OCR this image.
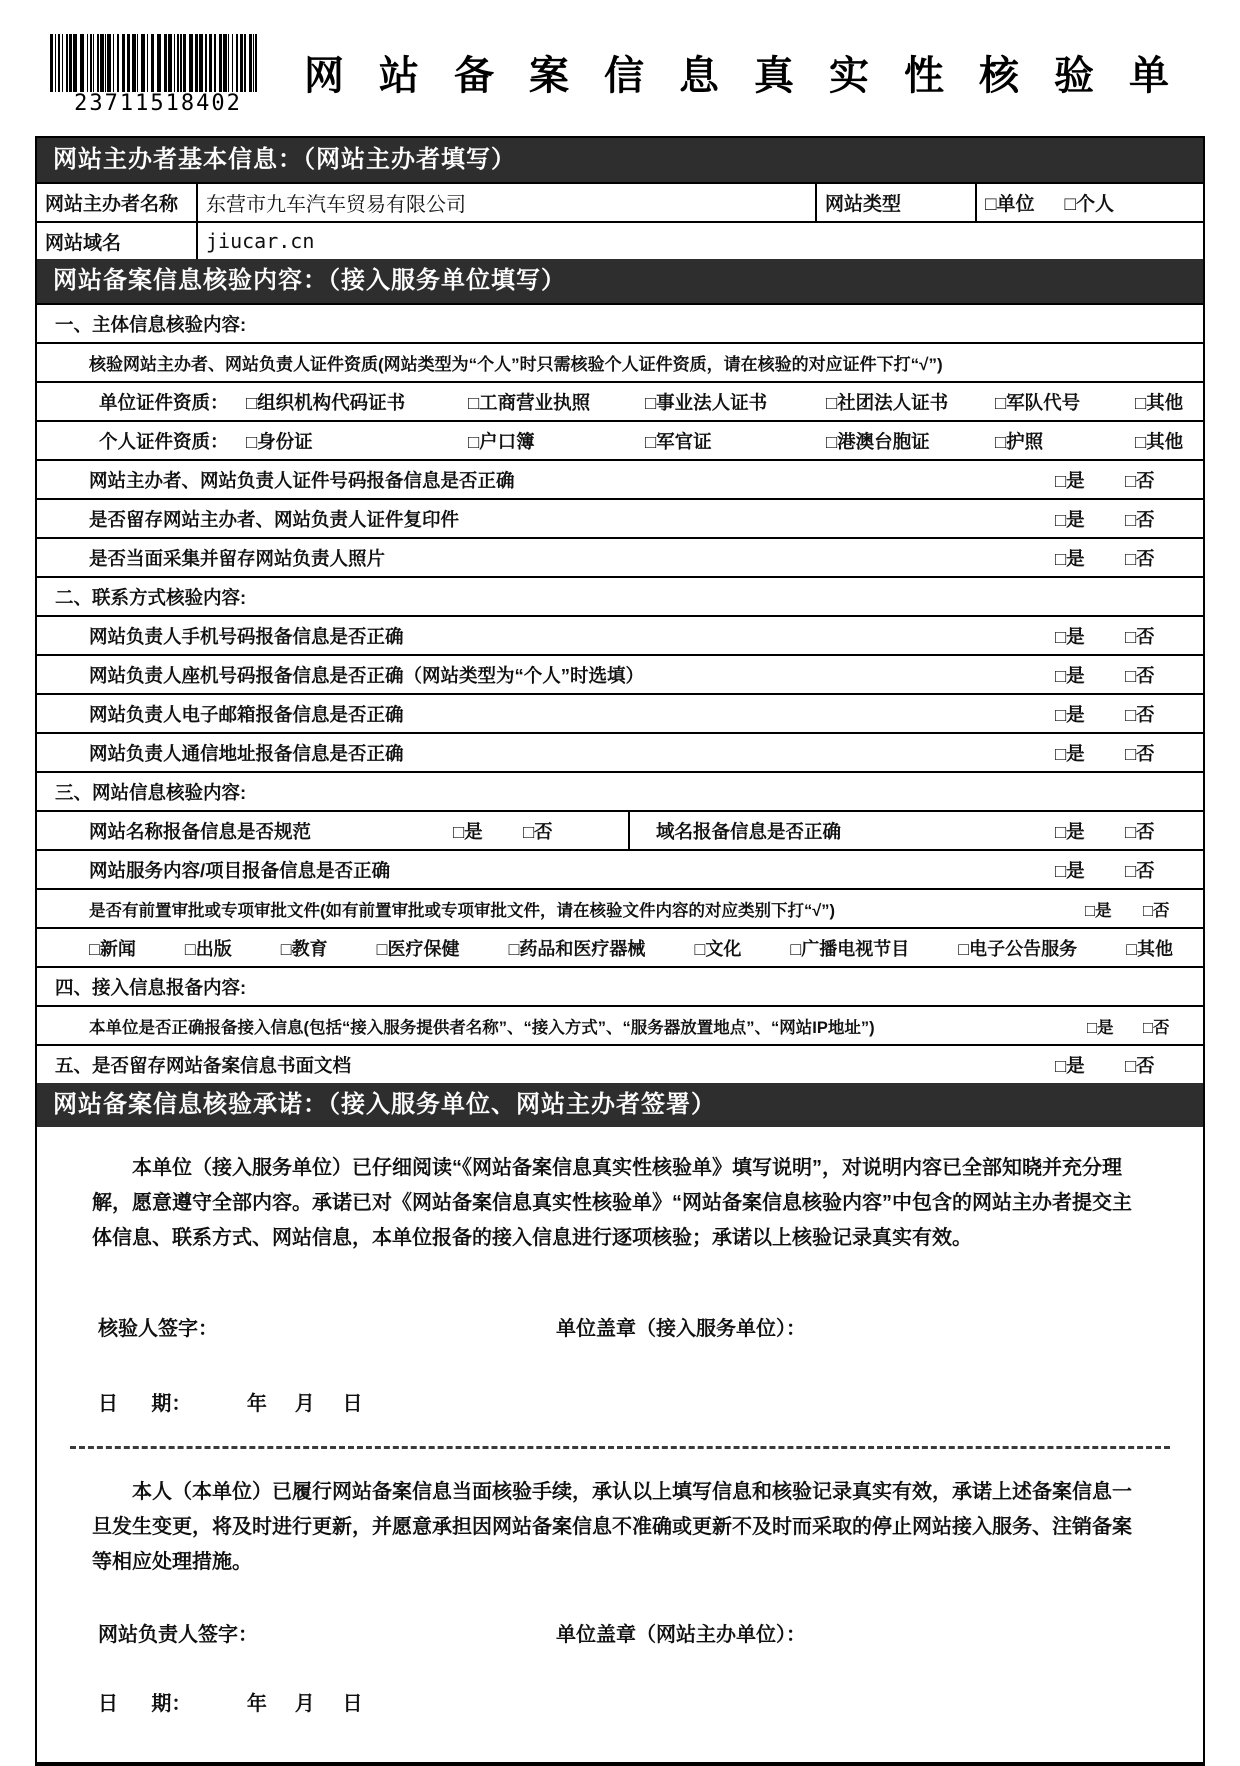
23711518402
网站备案信息真实性核验单
网站主办者基本信息：（网站主办者填写）
网站主办者名称	东营市九车汽车贸易有限公司	网站类型	□单位 □个人
网站域名	jiucar.cn
网站备案信息核验内容：（接入服务单位填写）
一、主体信息核验内容:
核验网站主办者、网站负责人证件资质(网站类型为“个人”时只需核验个人证件资质，请在核验的对应证件下打“√”)
单位证件资质： □组织机构代码证书	□工商营业执照	□事业法人证书	□社团法人证书	□军队代号	□其他
个人证件资质： □身份证	□户口簿	□军官证	□港澳台胞证	□护照	□其他
网站主办者、网站负责人证件号码报备信息是否正确	□是	□否
是否留存网站主办者、网站负责人证件复印件	□是	□否
是否当面采集并留存网站负责人照片	□是	□否
二、联系方式核验内容:
网站负责人手机号码报备信息是否正确	□是	□否
网站负责人座机号码报备信息是否正确（网站类型为“个人”时选填）	□是	□否
网站负责人电子邮箱报备信息是否正确	□是	□否
网站负责人通信地址报备信息是否正确	□是	□否
三、网站信息核验内容:
网站名称报备信息是否规范	□是	□否	域名报备信息是否正确	□是	□否
网站服务内容/项目报备信息是否正确	□是	□否
是否有前置审批或专项审批文件(如有前置审批或专项审批文件，请在核验文件内容的对应类别下打“√”)	□是	□否
□新闻	□出版	□教育	□医疗保健	□药品和医疗器械	□文化	□广播电视节目	□电子公告服务	□其他
四、接入信息报备内容:
本单位是否正确报备接入信息(包括“接入服务提供者名称”、“接入方式”、“服务器放置地点”、“网站IP地址”)	□是	□否
五、是否留存网站备案信息书面文档	□是	□否
网站备案信息核验承诺：（接入服务单位、网站主办者签署）

本单位（接入服务单位）已仔细阅读“《网站备案信息真实性核验单》填写说明”，对说明内容已全部知晓并充分理解，愿意遵守全部内容。承诺已对《网站备案信息真实性核验单》“网站备案信息核验内容”中包含的网站主办者提交主体信息、联系方式、网站信息，本单位报备的接入信息进行逐项核验；承诺以上核验记录真实有效。

核验人签字：	单位盖章（接入服务单位）：
日      期：          年     月     日

本人（本单位）已履行网站备案信息当面核验手续，承认以上填写信息和核验记录真实有效，承诺上述备案信息一旦发生变更，将及时进行更新，并愿意承担因网站备案信息不准确或更新不及时而采取的停止网站接入服务、注销备案等相应处理措施。

网站负责人签字：	单位盖章（网站主办单位）：
日      期：          年     月     日
